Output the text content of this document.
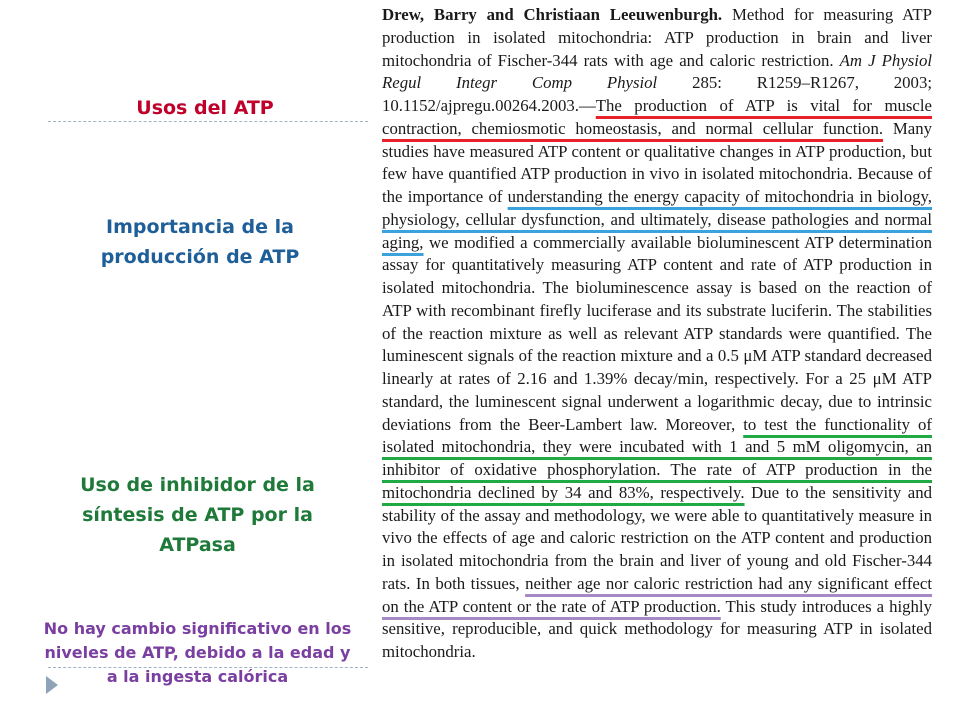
Usos del ATP
Importancia de la producción de ATP
Uso de inhibidor de la síntesis de ATP por la ATPasa
No hay cambio significativo en los niveles de ATP, debido a la edad y a la ingesta calórica

Drew, Barry and Christiaan Leeuwenburgh. Method for measuring ATP production in isolated mitochondria: ATP production in brain and liver mitochondria of Fischer-344 rats with age and caloric restriction. Am J Physiol Regul Integr Comp Physiol 285: R1259–R1267, 2003; 10.1152/ajpregu.00264.2003.—The production of ATP is vital for muscle contraction, chemiosmotic homeostasis, and normal cellular function. Many studies have measured ATP content or qualitative changes in ATP production, but few have quantified ATP production in vivo in isolated mitochondria. Because of the importance of understanding the energy capacity of mitochondria in biology, physiology, cellular dysfunction, and ultimately, disease pathologies and normal aging, we modified a commercially available bioluminescent ATP determination assay for quantitatively measuring ATP content and rate of ATP production in isolated mitochondria. The bioluminescence assay is based on the reaction of ATP with recombinant firefly luciferase and its substrate luciferin. The stabilities of the reaction mixture as well as relevant ATP standards were quantified. The luminescent signals of the reaction mixture and a 0.5 μM ATP standard decreased linearly at rates of 2.16 and 1.39% decay/min, respectively. For a 25 μM ATP standard, the luminescent signal underwent a logarithmic decay, due to intrinsic deviations from the Beer-Lambert law. Moreover, to test the functionality of isolated mitochondria, they were incubated with 1 and 5 mM oligomycin, an inhibitor of oxidative phosphorylation. The rate of ATP production in the mitochondria declined by 34 and 83%, respectively. Due to the sensitivity and stability of the assay and methodology, we were able to quantitatively measure in vivo the effects of age and caloric restriction on the ATP content and production in isolated mitochondria from the brain and liver of young and old Fischer-344 rats. In both tissues, neither age nor caloric restriction had any significant effect on the ATP content or the rate of ATP production. This study introduces a highly sensitive, reproducible, and quick methodology for measuring ATP in isolated mitochondria.
